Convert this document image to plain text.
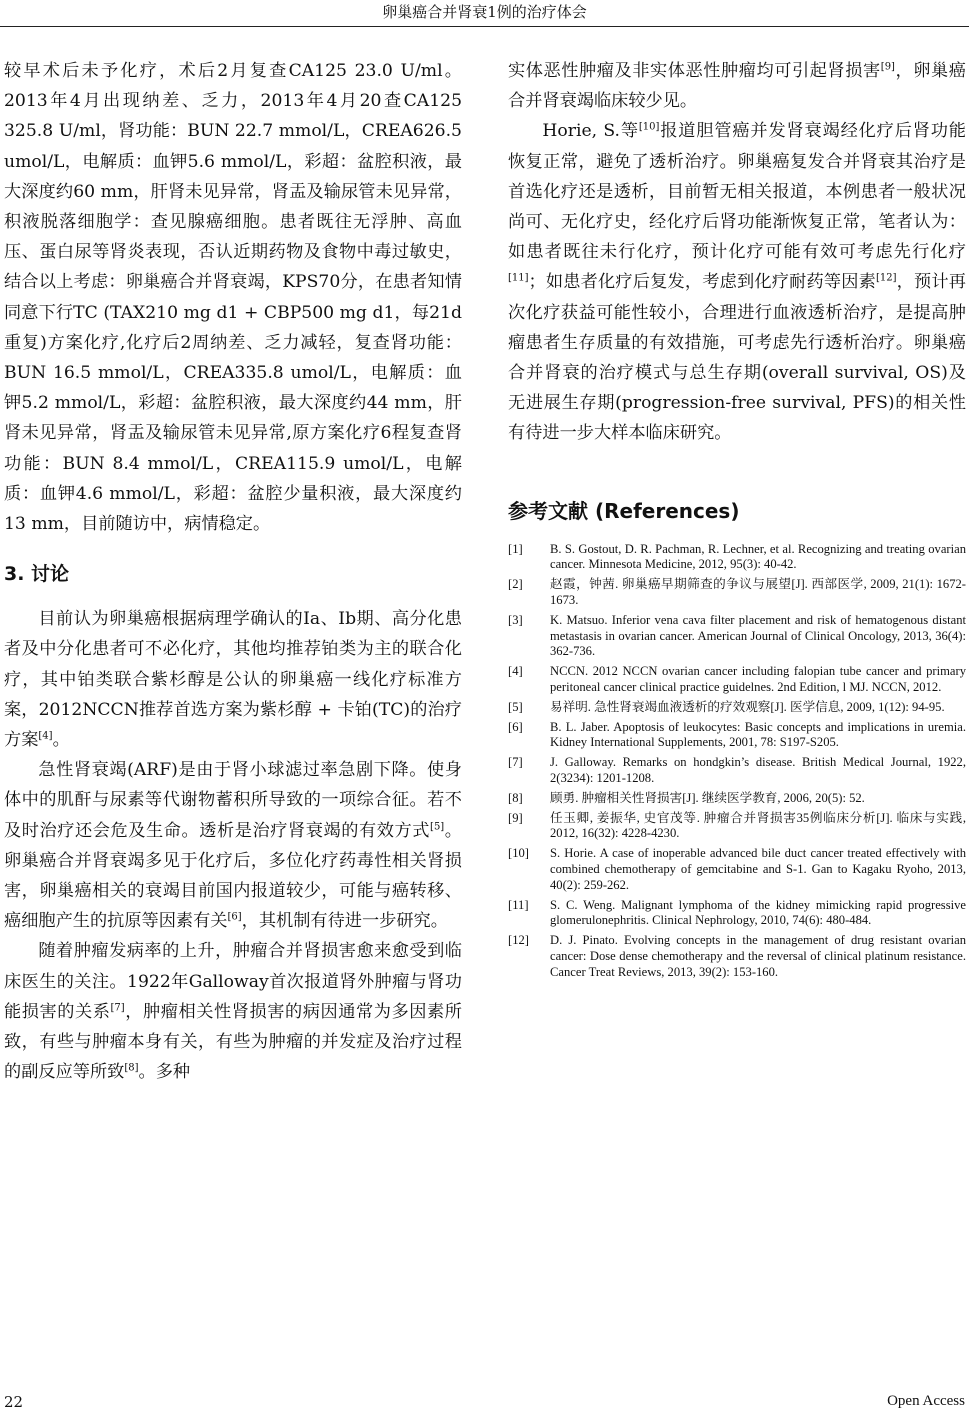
卵巢癌合并肾衰1例的治疗体会

较早术后未予化疗，术后2月复查CA125 23.0 U/ml。2013年4月出现纳差、乏力，2013年4月20查CA125 325.8 U/ml，肾功能：BUN 22.7 mmol/L，CREA626.5 umol/L，电解质：血钾5.6 mmol/L，彩超：盆腔积液，最大深度约60 mm，肝肾未见异常，肾盂及输尿管未见异常，积液脱落细胞学：查见腺癌细胞。患者既往无浮肿、高血压、蛋白尿等肾炎表现，否认近期药物及食物中毒过敏史，结合以上考虑：卵巢癌合并肾衰竭，KPS70分，在患者知情同意下行TC (TAX210 mg d1 + CBP500 mg d1，每21d重复)方案化疗,化疗后2周纳差、乏力减轻，复查肾功能：BUN 16.5 mmol/L，CREA335.8 umol/L，电解质：血钾5.2 mmol/L，彩超：盆腔积液，最大深度约44 mm，肝肾未见异常，肾盂及输尿管未见异常,原方案化疗6程复查肾功能：BUN 8.4 mmol/L，CREA115.9 umol/L，电解质：血钾4.6 mmol/L，彩超：盆腔少量积液，最大深度约13 mm，目前随访中，病情稳定。

3. 讨论

目前认为卵巢癌根据病理学确认的Ia、Ib期、高分化患者及中分化患者可不必化疗，其他均推荐铂类为主的联合化疗，其中铂类联合紫杉醇是公认的卵巢癌一线化疗标准方案，2012NCCN推荐首选方案为紫杉醇 + 卡铂(TC)的治疗方案[4]。

急性肾衰竭(ARF)是由于肾小球滤过率急剧下降。使身体中的肌酐与尿素等代谢物蓄积所导致的一项综合征。若不及时治疗还会危及生命。透析是治疗肾衰竭的有效方式[5]。卵巢癌合并肾衰竭多见于化疗后，多位化疗药毒性相关肾损害，卵巢癌相关的衰竭目前国内报道较少，可能与癌转移、癌细胞产生的抗原等因素有关[6]，其机制有待进一步研究。

随着肿瘤发病率的上升，肿瘤合并肾损害愈来愈受到临床医生的关注。1922年Galloway首次报道肾外肿瘤与肾功能损害的关系[7]，肿瘤相关性肾损害的病因通常为多因素所致，有些与肿瘤本身有关，有些为肿瘤的并发症及治疗过程的副反应等所致[8]。多种

实体恶性肿瘤及非实体恶性肿瘤均可引起肾损害[9]，卵巢癌合并肾衰竭临床较少见。

Horie, S.等[10]报道胆管癌并发肾衰竭经化疗后肾功能恢复正常，避免了透析治疗。卵巢癌复发合并肾衰其治疗是首选化疗还是透析，目前暂无相关报道，本例患者一般状况尚可、无化疗史，经化疗后肾功能渐恢复正常，笔者认为：如患者既往未行化疗，预计化疗可能有效可考虑先行化疗[11]；如患者化疗后复发，考虑到化疗耐药等因素[12]，预计再次化疗获益可能性较小，合理进行血液透析治疗，是提高肿瘤患者生存质量的有效措施，可考虑先行透析治疗。卵巢癌合并肾衰的治疗模式与总生存期(overall survival, OS)及无进展生存期(progression-free survival, PFS)的相关性有待进一步大样本临床研究。

参考文献 (References)
[1] B. S. Gostout, D. R. Pachman, R. Lechner, et al. Recognizing and treating ovarian cancer. Minnesota Medicine, 2012, 95(3): 40-42.
[2] 赵霞，钟茜. 卵巢癌早期筛查的争议与展望[J]. 西部医学, 2009, 21(1): 1672-1673.
[3] K. Matsuo. Inferior vena cava filter placement and risk of hematogenous distant metastasis in ovarian cancer. American Journal of Clinical Oncology, 2013, 36(4): 362-736.
[4] NCCN. 2012 NCCN ovarian cancer including falopian tube cancer and primary peritoneal cancer clinical practice guidelnes. 2nd Edition, l MJ. NCCN, 2012.
[5] 易祥明. 急性肾衰竭血液透析的疗效观察[J]. 医学信息, 2009, 1(12): 94-95.
[6] B. L. Jaber. Apoptosis of leukocytes: Basic concepts and implications in uremia. Kidney International Supplements, 2001, 78: S197-S205.
[7] J. Galloway. Remarks on hondgkin’s disease. British Medical Journal, 1922, 2(3234): 1201-1208.
[8] 顾勇. 肿瘤相关性肾损害[J]. 继续医学教育, 2006, 20(5): 52.
[9] 任玉卿, 姜振华, 史官茂等. 肿瘤合并肾损害35例临床分析[J]. 临床与实践, 2012, 16(32): 4228-4230.
[10] S. Horie. A case of inoperable advanced bile duct cancer treated effectively with combined chemotherapy of gemcitabine and S-1. Gan to Kagaku Ryoho, 2013, 40(2): 259-262.
[11] S. C. Weng. Malignant lymphoma of the kidney mimicking rapid progressive glomerulonephritis. Clinical Nephrology, 2010, 74(6): 480-484.
[12] D. J. Pinato. Evolving concepts in the management of drug resistant ovarian cancer: Dose dense chemotherapy and the reversal of clinical platinum resistance. Cancer Treat Reviews, 2013, 39(2): 153-160.
22	Open Access
